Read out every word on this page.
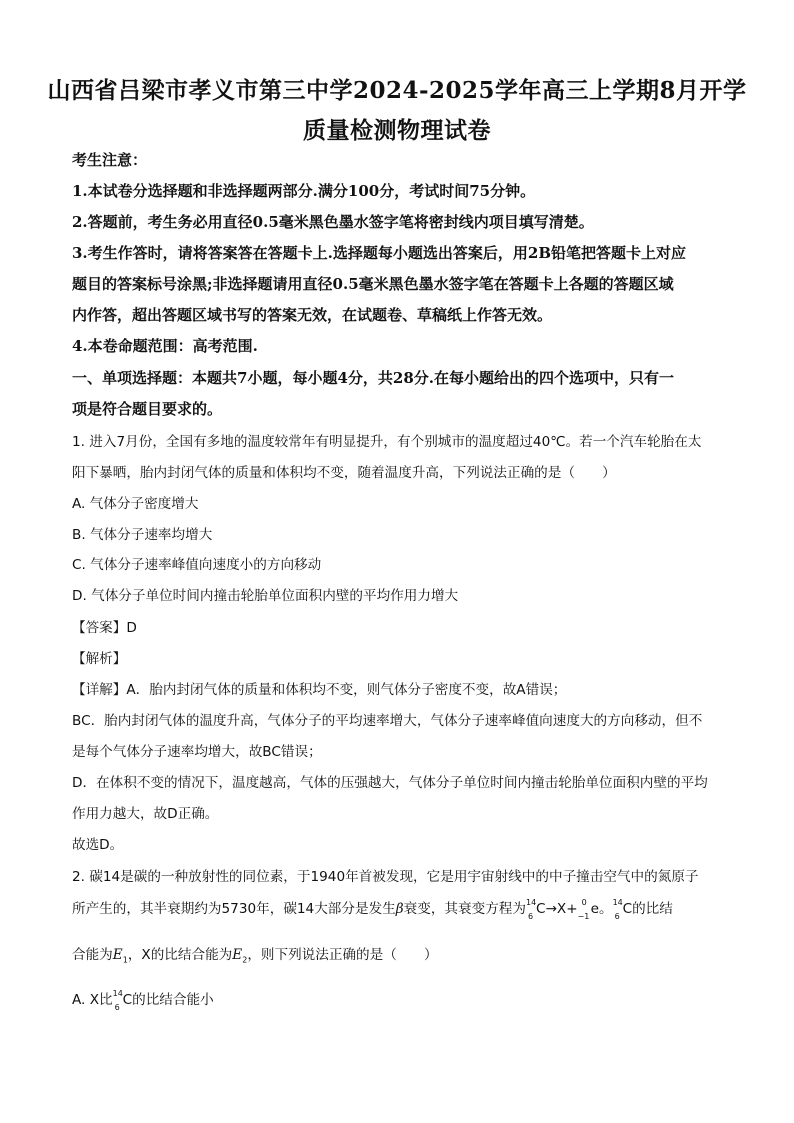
山西省吕梁市孝义市第三中学2024-2025学年高三上学期8月开学
质量检测物理试卷
考生注意：
1.本试卷分选择题和非选择题两部分.满分100分，考试时间75分钟。
2.答题前，考生务必用直径0.5毫米黑色墨水签字笔将密封线内项目填写清楚。
3.考生作答时，请将答案答在答题卡上.选择题每小题选出答案后，用2B铅笔把答题卡上对应
题目的答案标号涂黑;非选择题请用直径0.5毫米黑色墨水签字笔在答题卡上各题的答题区域
内作答，超出答题区域书写的答案无效，在试题卷、草稿纸上作答无效。
4.本卷命题范围：高考范围.
一、单项选择题：本题共7小题，每小题4分，共28分.在每小题给出的四个选项中，只有一
项是符合题目要求的。
1. 进入7月份，全国有多地的温度较常年有明显提升，有个别城市的温度超过40℃。若一个汽车轮胎在太
阳下暴晒，胎内封闭气体的质量和体积均不变，随着温度升高，下列说法正确的是（　　）
A. 气体分子密度增大
B. 气体分子速率均增大
C. 气体分子速率峰值向速度小的方向移动
D. 气体分子单位时间内撞击轮胎单位面积内壁的平均作用力增大
【答案】D
【解析】
【详解】A．胎内封闭气体的质量和体积均不变，则气体分子密度不变，故A错误；
BC．胎内封闭气体的温度升高，气体分子的平均速率增大，气体分子速率峰值向速度大的方向移动，但不
是每个气体分子速率均增大，故BC错误；
D．在体积不变的情况下，温度越高，气体的压强越大，气体分子单位时间内撞击轮胎单位面积内壁的平均
作用力越大，故D正确。
故选D。
2. 碳14是碳的一种放射性的同位素，于1940年首被发现，它是用宇宙射线中的中子撞击空气中的氮原子
所产生的，其半衰期约为5730年，碳14大部分是发生β衰变，其衰变方程为 14
6 C→X+ 0
−1 e。 14
6 C的比结
合能为$E_1$，X的比结合能为$E_2$，则下列说法正确的是（　　）
A. X比 14
6 C的比结合能小
